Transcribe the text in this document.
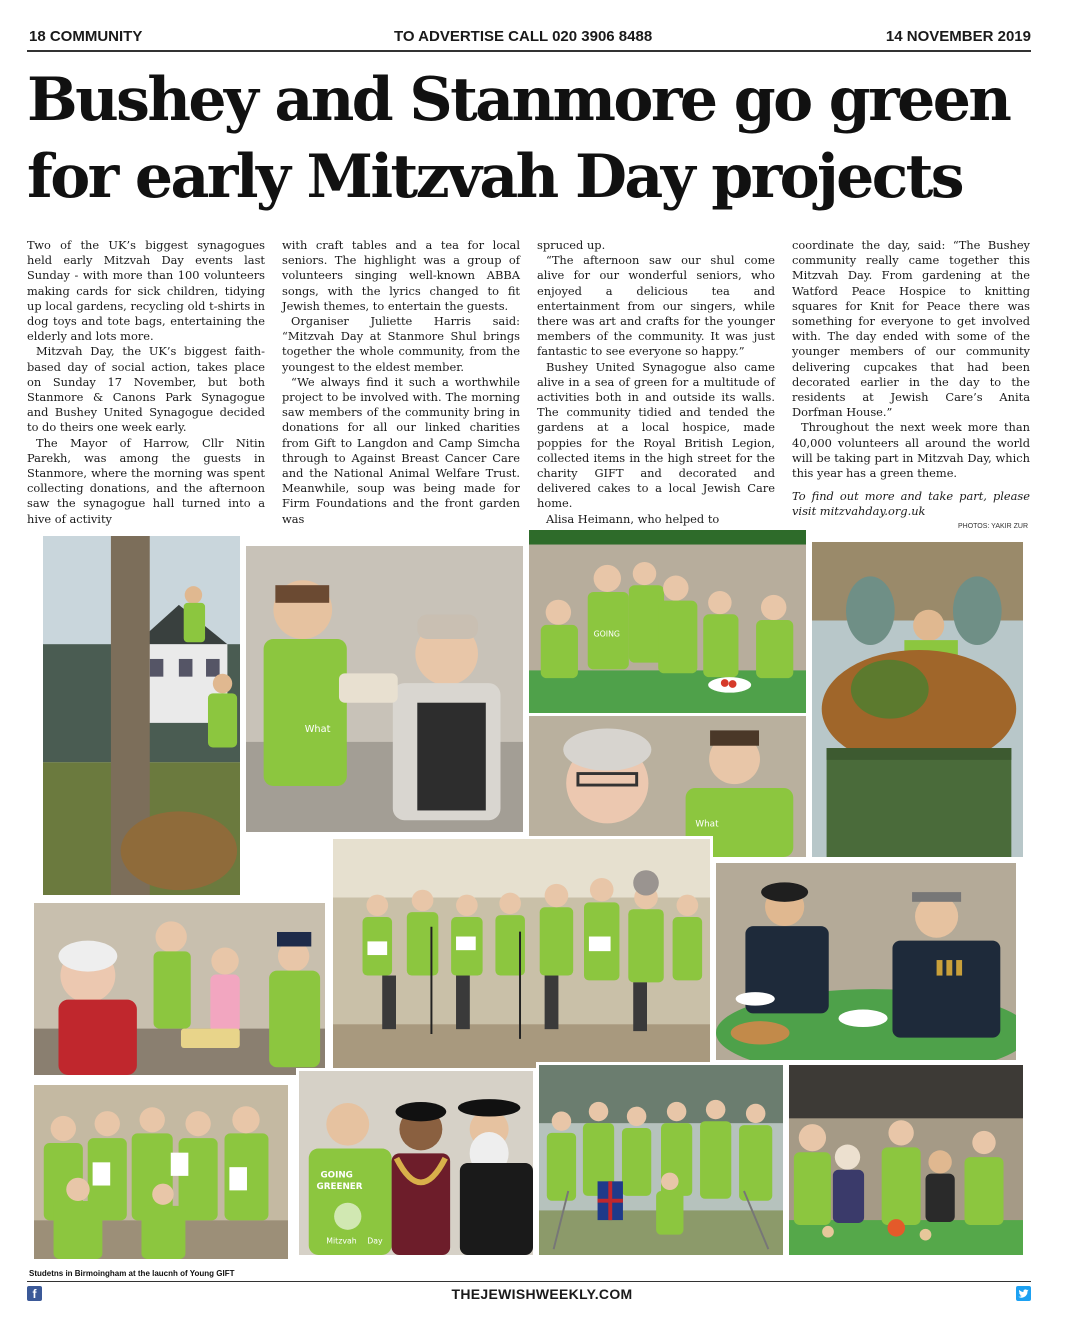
18 COMMUNITY	TO ADVERTISE CALL 020 3906 8488	14 NOVEMBER 2019
Bushey and Stanmore go green
for early Mitzvah Day projects

Two of the UK’s biggest synagogues held early Mitzvah Day events last Sunday - with more than 100 volunteers making cards for sick children, tidying up local gardens, recycling old t-shirts in dog toys and tote bags, entertaining the elderly and lots more.

Mitzvah Day, the UK’s biggest faith-based day of social action, takes place on Sunday 17 November, but both Stanmore & Canons Park Synagogue and Bushey United Synagogue decided to do theirs one week early.

The Mayor of Harrow, Cllr Nitin Parekh, was among the guests in Stanmore, where the morning was spent collecting donations, and the afternoon saw the synagogue hall turned into a hive of activity

with craft tables and a tea for local seniors. The highlight was a group of volunteers singing well-known ABBA songs, with the lyrics changed to fit Jewish themes, to entertain the guests.

Organiser Juliette Harris said: “Mitzvah Day at Stanmore Shul brings together the whole community, from the youngest to the eldest member.

“We always find it such a worthwhile project to be involved with. The morning saw members of the community bring in donations for all our linked charities from Gift to Langdon and Camp Simcha through to Against Breast Cancer Care and the National Animal Welfare Trust. Meanwhile, soup was being made for Firm Foundations and the front garden was

spruced up.

“The afternoon saw our shul come alive for our wonderful seniors, who enjoyed a delicious tea and entertainment from our singers, while there was art and crafts for the younger members of the community. It was just fantastic to see everyone so happy.”

Bushey United Synagogue also came alive in a sea of green for a multitude of activities both in and outside its walls. The community tidied and tended the gardens at a local hospice, made poppies for the Royal British Legion, collected items in the high street for the charity GIFT and decorated and delivered cakes to a local Jewish Care home.

Alisa Heimann, who helped to

coordinate the day, said: “The Bushey community really came together this Mitzvah Day. From gardening at the Watford Peace Hospice to knitting squares for Knit for Peace there was something for everyone to get involved with. The day ended with some of the younger members of our community delivering cupcakes that had been decorated earlier in the day to the residents at Jewish Care’s Anita Dorfman House.”

Throughout the next week more than 40,000 volunteers all around the world will be taking part in Mitzvah Day, which this year has a green theme.

To find out more and take part, please visit mitzvahday.org.uk

PHOTOS: YAKIR ZUR
What
GOING
What
GOING
GREENER
Mitzvah Day
Studetns in Birmoingham at the laucnh of Young GIFT
f	THEJEWISHWEEKLY.COM
